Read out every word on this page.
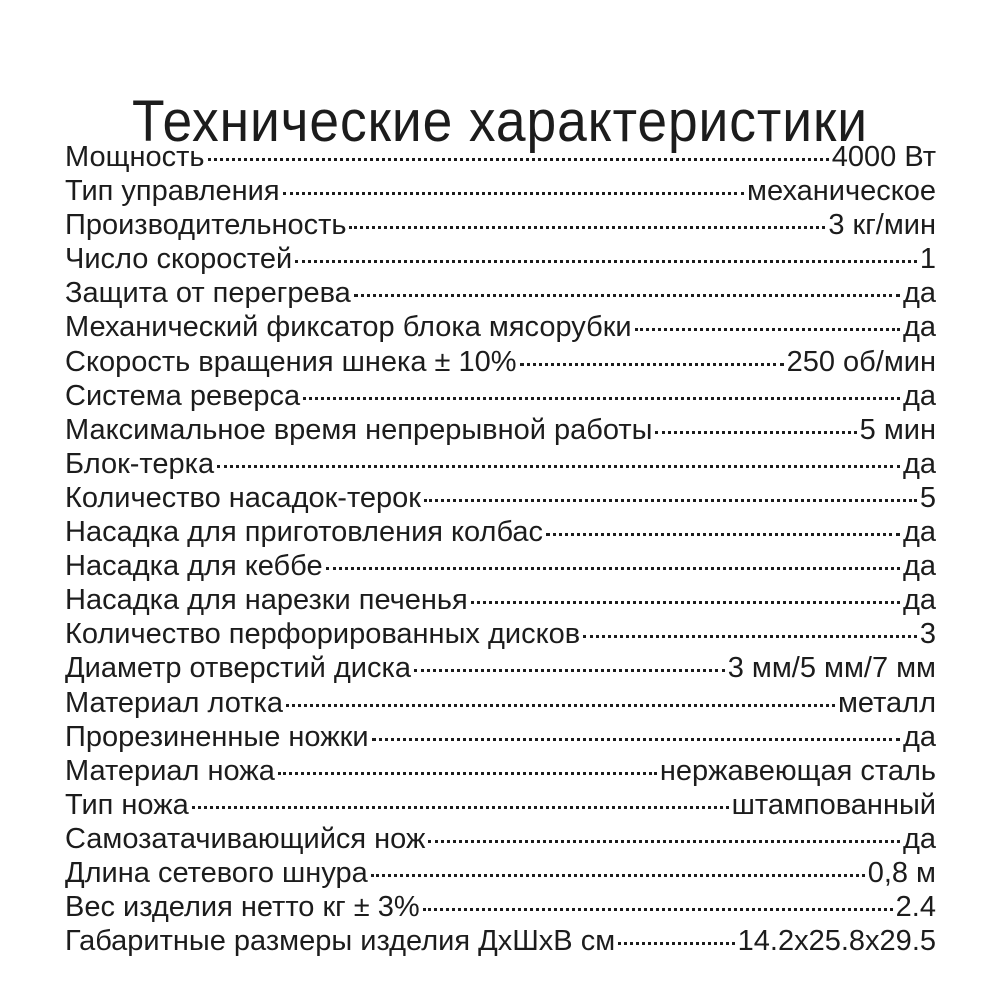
Технические характеристики
Мощность	4000 Вт
Тип управления	механическое
Производительность	3 кг/мин
Число скоростей	1
Защита от перегрева	да
Механический фиксатор блока мясорубки	да
Скорость вращения шнека ± 10%	250 об/мин
Система реверса	да
Максимальное время непрерывной работы	5 мин
Блок-терка	да
Количество насадок-терок	5
Насадка для приготовления колбас	да
Насадка для кеббе	да
Насадка для нарезки печенья	да
Количество перфорированных дисков	3
Диаметр отверстий диска	3 мм/5 мм/7 мм
Материал лотка	металл
Прорезиненные ножки	да
Материал ножа	нержавеющая сталь
Тип ножа	штампованный
Самозатачивающийся нож	да
Длина сетевого шнура	0,8 м
Вес изделия нетто кг ± 3%	2.4
Габаритные размеры изделия ДхШхВ см	14.2x25.8x29.5
